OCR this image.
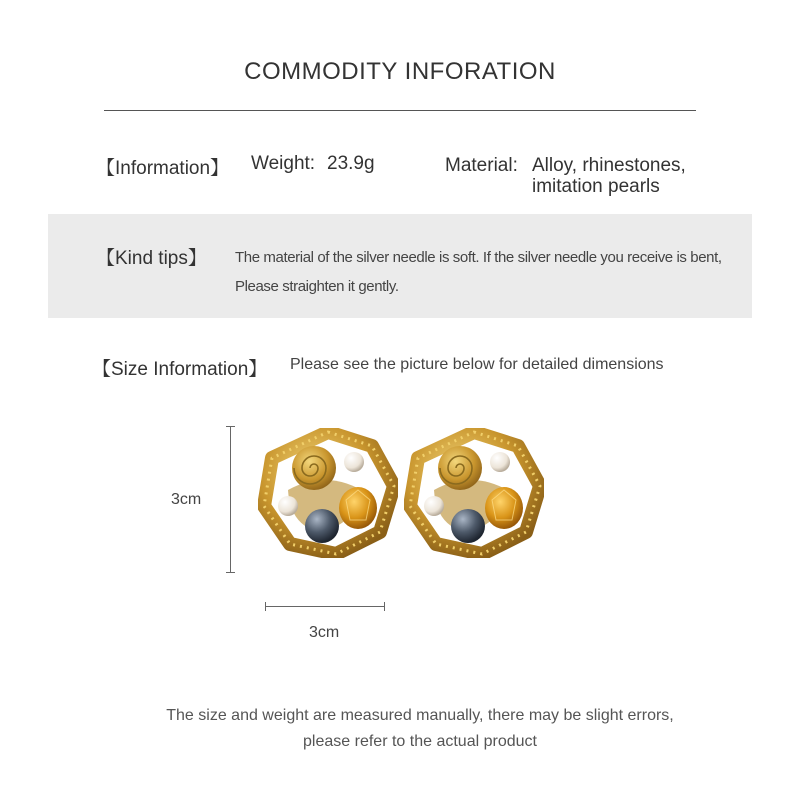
COMMODITY INFORATION
【Information】 Weight: 23.9g	Material: Alloy, rhinestones,
imitation pearls
【Kind tips】 The material of the silver needle is soft. If the silver needle you receive is bent,
Please straighten it gently.
【Size Information】 Please see the picture below for detailed dimensions
3cm
3cm
The size and weight are measured manually, there may be slight errors,
please refer to the actual product
